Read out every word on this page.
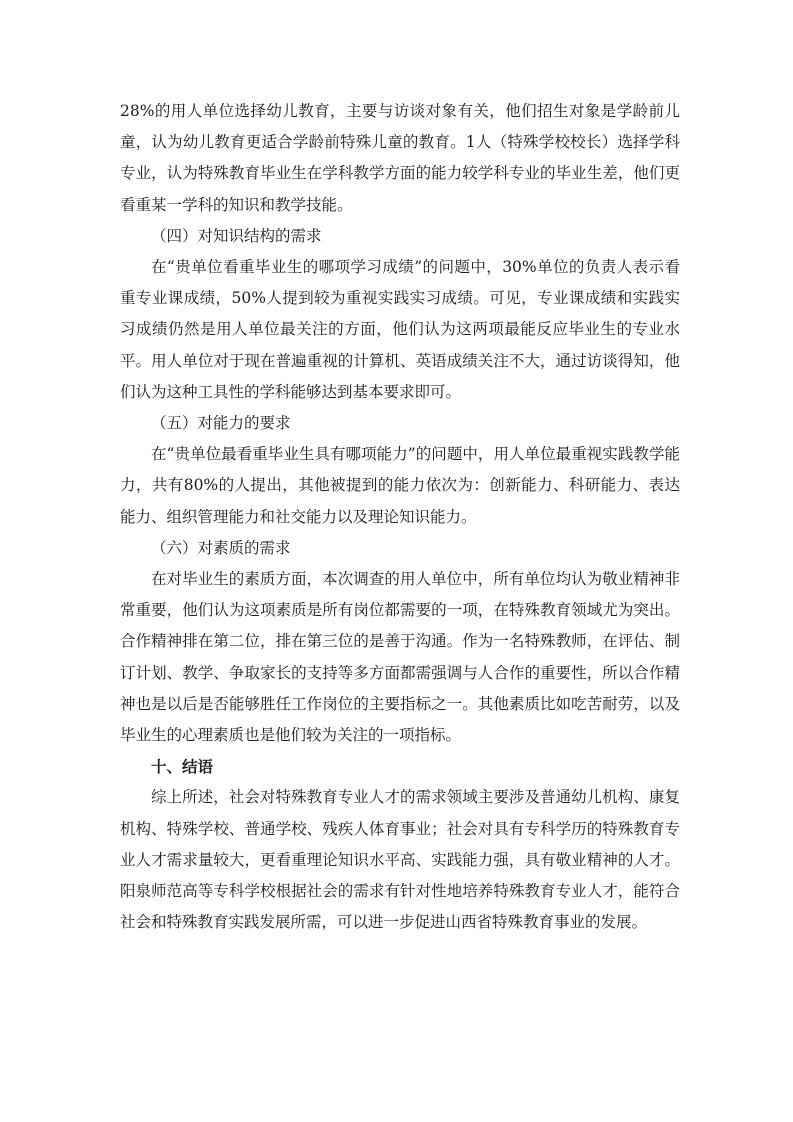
28%的用人单位选择幼儿教育，主要与访谈对象有关，他们招生对象是学龄前儿童，认为幼儿教育更适合学龄前特殊儿童的教育。1人（特殊学校校长）选择学科专业，认为特殊教育毕业生在学科教学方面的能力较学科专业的毕业生差，他们更看重某一学科的知识和教学技能。

（四）对知识结构的需求

在“贵单位看重毕业生的哪项学习成绩”的问题中，30%单位的负责人表示看重专业课成绩，50%人提到较为重视实践实习成绩。可见，专业课成绩和实践实习成绩仍然是用人单位最关注的方面，他们认为这两项最能反应毕业生的专业水平。用人单位对于现在普遍重视的计算机、英语成绩关注不大，通过访谈得知，他们认为这种工具性的学科能够达到基本要求即可。

（五）对能力的要求

在“贵单位最看重毕业生具有哪项能力”的问题中，用人单位最重视实践教学能力，共有80%的人提出，其他被提到的能力依次为：创新能力、科研能力、表达能力、组织管理能力和社交能力以及理论知识能力。

（六）对素质的需求

在对毕业生的素质方面，本次调查的用人单位中，所有单位均认为敬业精神非常重要，他们认为这项素质是所有岗位都需要的一项，在特殊教育领域尤为突出。合作精神排在第二位，排在第三位的是善于沟通。作为一名特殊教师，在评估、制订计划、教学、争取家长的支持等多方面都需强调与人合作的重要性，所以合作精神也是以后是否能够胜任工作岗位的主要指标之一。其他素质比如吃苦耐劳，以及毕业生的心理素质也是他们较为关注的一项指标。

十、结语

综上所述，社会对特殊教育专业人才的需求领域主要涉及普通幼儿机构、康复机构、特殊学校、普通学校、残疾人体育事业；社会对具有专科学历的特殊教育专业人才需求量较大，更看重理论知识水平高、实践能力强，具有敬业精神的人才。阳泉师范高等专科学校根据社会的需求有针对性地培养特殊教育专业人才，能符合社会和特殊教育实践发展所需，可以进一步促进山西省特殊教育事业的发展。
